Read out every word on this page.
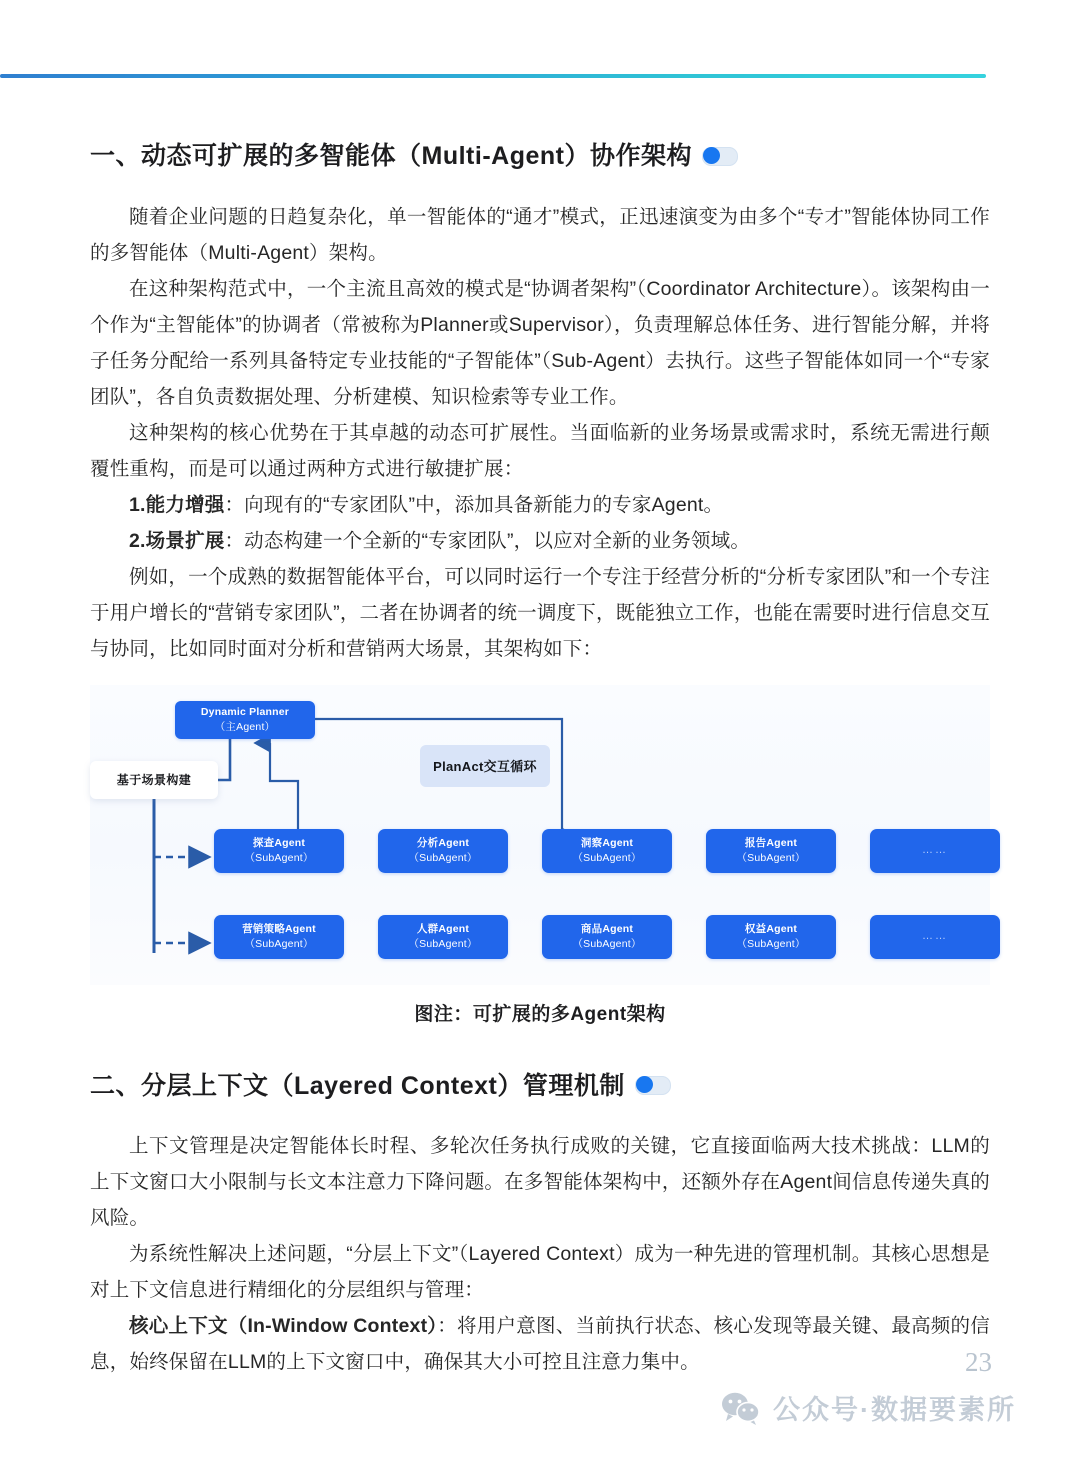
一、动态可扩展的多智能体（Multi-Agent）协作架构

随着企业问题的日趋复杂化，单一智能体的“通才”模式，正迅速演变为由多个“专才”智能体协同工作的多智能体（Multi-Agent）架构。

在这种架构范式中，一个主流且高效的模式是“协调者架构”（Coordinator Architecture）。该架构由一个作为“主智能体”的协调者（常被称为Planner或Supervisor），负责理解总体任务、进行智能分解，并将子任务分配给一系列具备特定专业技能的“子智能体”（Sub-Agent）去执行。这些子智能体如同一个“专家团队”，各自负责数据处理、分析建模、知识检索等专业工作。

这种架构的核心优势在于其卓越的动态可扩展性。当面临新的业务场景或需求时，系统无需进行颠覆性重构，而是可以通过两种方式进行敏捷扩展：

1.能力增强：向现有的“专家团队”中，添加具备新能力的专家Agent。

2.场景扩展：动态构建一个全新的“专家团队”，以应对全新的业务领域。

例如，一个成熟的数据智能体平台，可以同时运行一个专注于经营分析的“分析专家团队”和一个专注于用户增长的“营销专家团队”，二者在协调者的统一调度下，既能独立工作，也能在需要时进行信息交互与协同，比如同时面对分析和营销两大场景，其架构如下：

Dynamic Planner
（主Agent）
基于场景构建
PlanAct交互循环
探查Agent
（SubAgent）
分析Agent
（SubAgent）
洞察Agent
（SubAgent）
报告Agent
（SubAgent）
……
营销策略Agent
（SubAgent）
人群Agent
（SubAgent）
商品Agent
（SubAgent）
权益Agent
（SubAgent）
……

图注：可扩展的多Agent架构

二、分层上下文（Layered Context）管理机制

上下文管理是决定智能体长时程、多轮次任务执行成败的关键，它直接面临两大技术挑战：LLM的上下文窗口大小限制与长文本注意力下降问题。在多智能体架构中，还额外存在Agent间信息传递失真的风险。

为系统性解决上述问题，“分层上下文”（Layered Context）成为一种先进的管理机制。其核心思想是对上下文信息进行精细化的分层组织与管理：

核心上下文（In-Window Context）：将用户意图、当前执行状态、核心发现等最关键、最高频的信息，始终保留在LLM的上下文窗口中，确保其大小可控且注意力集中。	23
公众号·数据要素所
